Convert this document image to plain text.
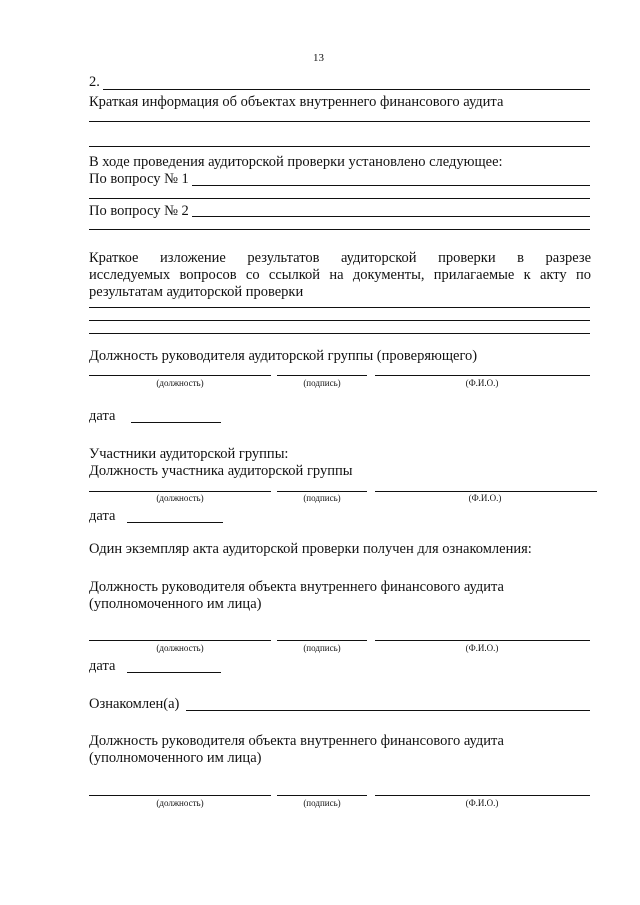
13
2.
Краткая информация об объектах внутреннего финансового аудита
В ходе проведения аудиторской проверки установлено следующее:
По вопросу № 1
По вопросу № 2
Краткое изложение результатов аудиторской проверки в разрезе
исследуемых вопросов со ссылкой на документы, прилагаемые к акту по
результатам аудиторской проверки
Должность руководителя аудиторской группы (проверяющего)
(должность)	(подпись)	(Ф.И.О.)
дата
Участники аудиторской группы:
Должность участника аудиторской группы
(должность)	(подпись)	(Ф.И.О.)
дата
Один экземпляр акта аудиторской проверки получен для ознакомления:
Должность руководителя объекта внутреннего финансового аудита
(уполномоченного им лица)
(должность)	(подпись)	(Ф.И.О.)
дата
Ознакомлен(а)
Должность руководителя объекта внутреннего финансового аудита
(уполномоченного им лица)
(должность)	(подпись)	(Ф.И.О.)
